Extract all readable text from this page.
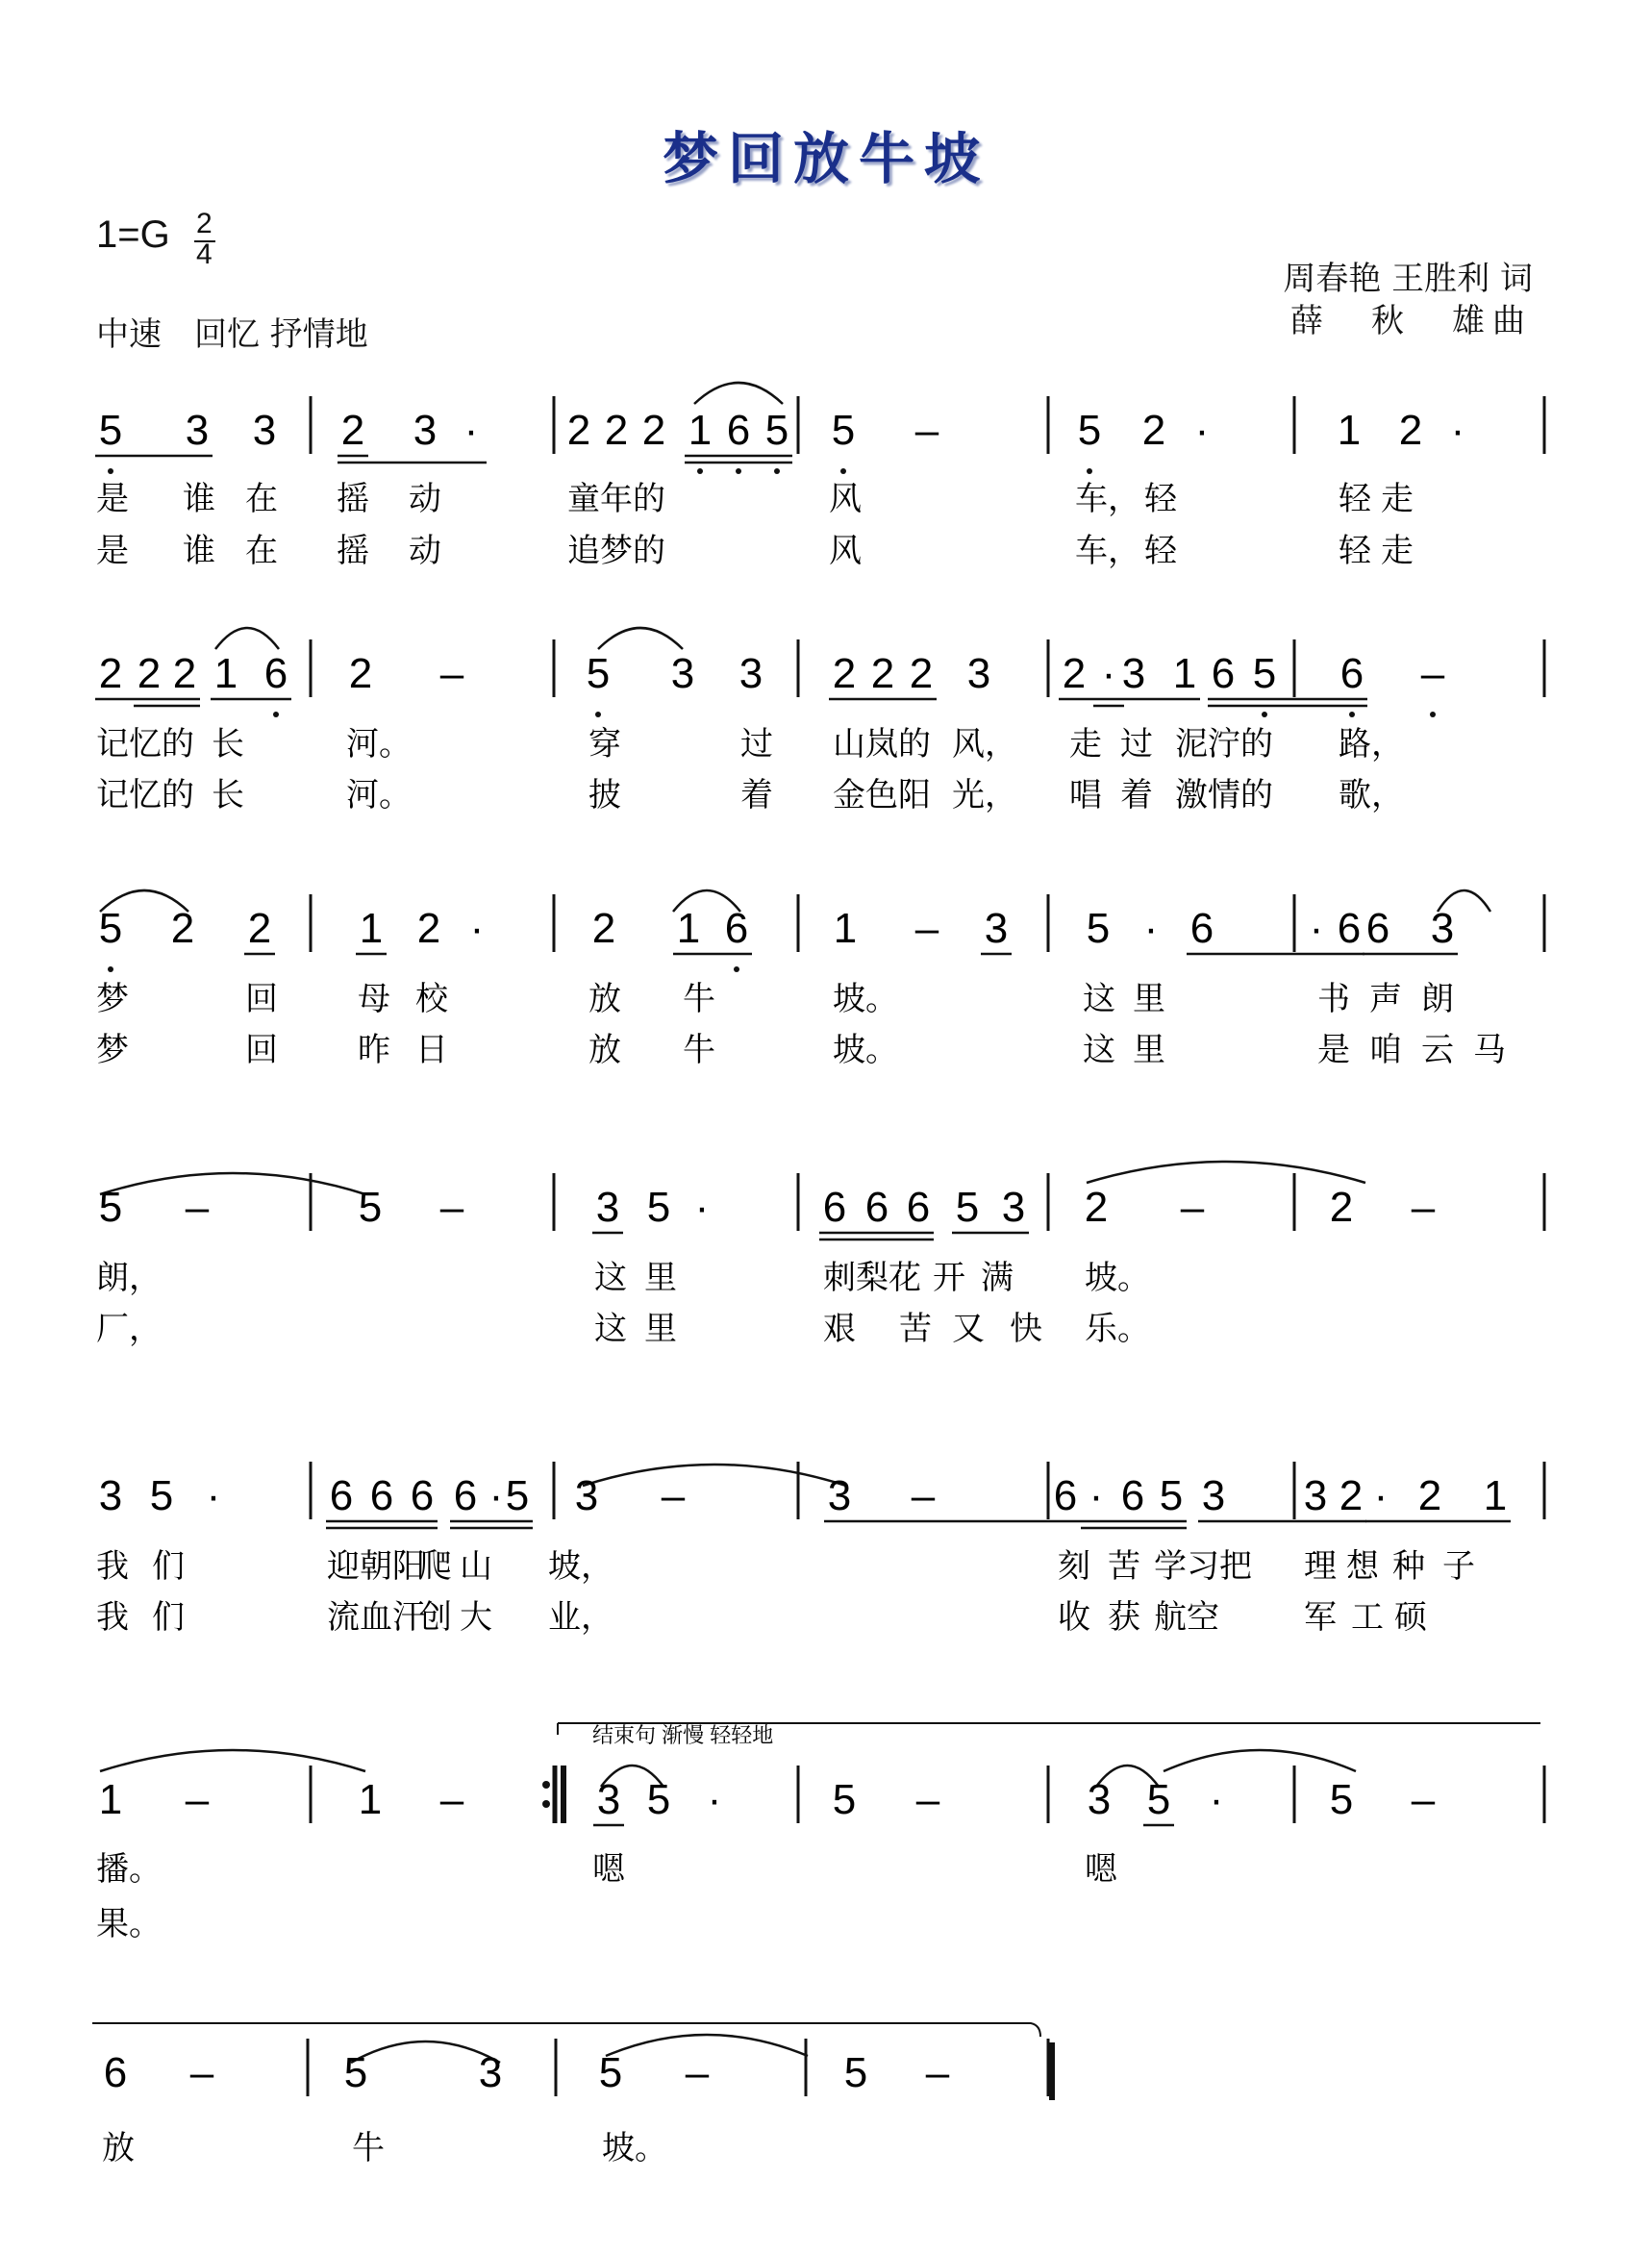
梦回放牛坡
1=G 2
4
中速　回忆 抒情地
周春艳 王胜利 词
薛　秋　雄曲
5 3 3 2 3 · 2 2 2 1 6 5 5 –	5 2 ·	1 2 ·
2 2 2 1 6 2 –	5 3 3 2 2 2 3 2 · 3 1 6 5 6 –
5 2 2 1 2 ·	2 1 6 1 – 3 5 · 6 · 6 6 3
5 –	5 –	3 5 ·	6 6 6 5 3 2 –	2 –
3 5 ·	6 6 6 6 · 5 3 –	3 –	6 · 6 5 3 3 2 · 2 1
1 –	1 –	3 5 ·	5 –	3 5 ·	5 –
6 –	5	3 5 –	5 –
是 谁 在 摇 动	童年的	风	车， 轻	轻 走
是 谁 在 摇 动	追梦的	风	车， 轻	轻 走
记忆的 长	河。	穿	过 山岚的 风， 走 过 泥泞的 路，
记忆的 长	河。	披	着 金色阳 光， 唱 着 激情的 歌，
梦	回 母 校	放 牛	坡。	这 里	书 声 朗
梦	回 昨 日	放 牛	坡。	这 里	是 咱 云 马
朗，	这 里	刺梨花 开 满 坡。
厂，	这 里	艰 苦 又 快 乐。
我 们	迎朝阳
爬 山 坡，	刻 苦 学习把 理 想 种 子
我 们	流血汗
创 大 业，	收 获 航空	军 工 硕
播。	嗯	嗯
果。
放	牛	坡。
结束句 渐慢 轻轻地
